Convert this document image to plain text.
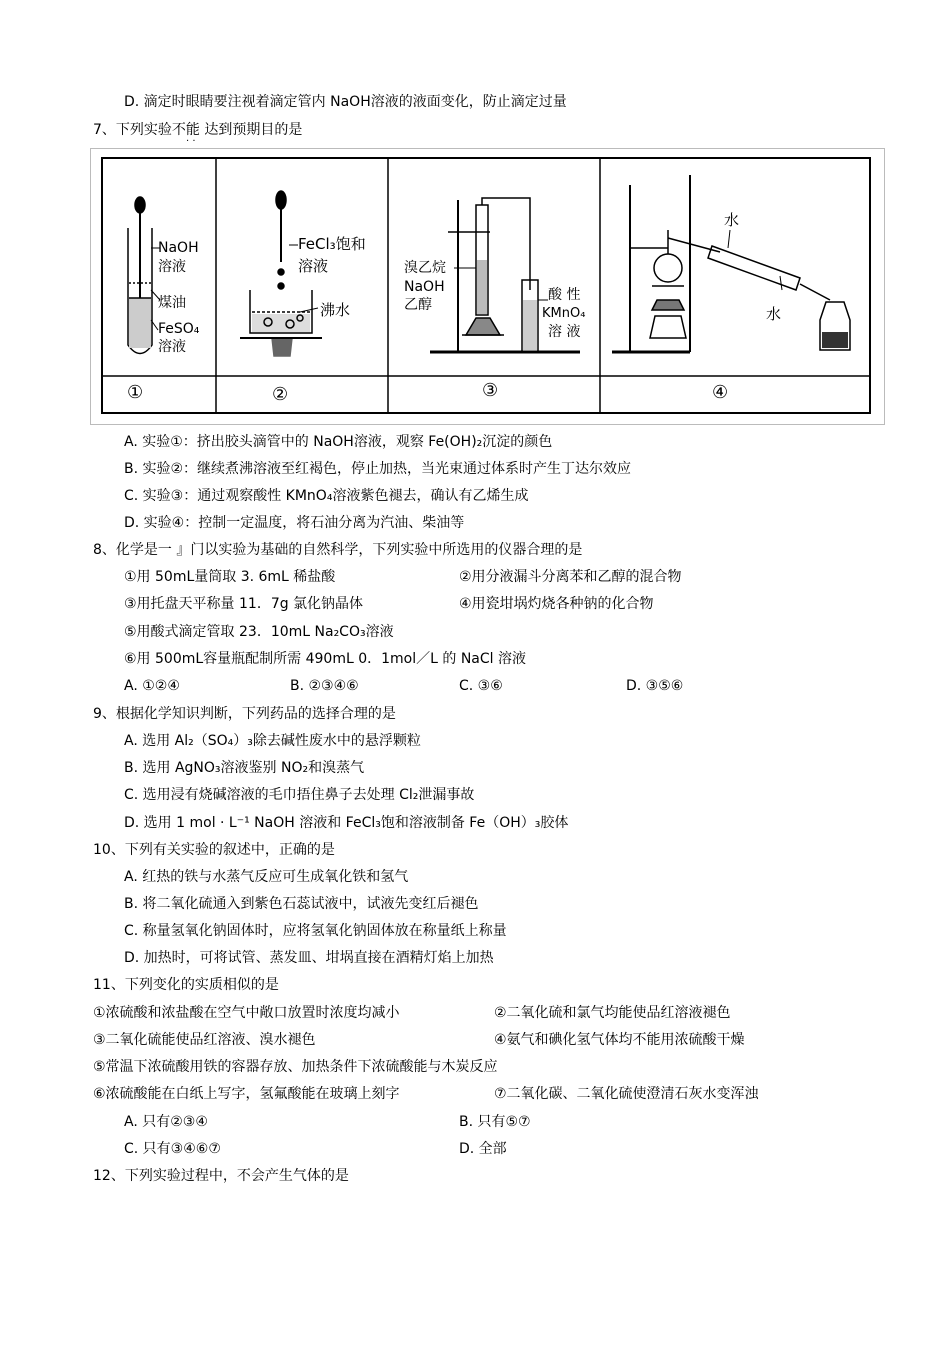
D. 滴定时眼睛要注视着滴定管内 NaOH溶液的液面变化，防止滴定过量
7、下列实验不能 达到预期目的是
· ·
NaOH
溶液
煤油
FeSO₄
溶液
FeCl₃饱和
溶液
沸水
溴乙烷
NaOH
乙醇
酸 性
KMnO₄
溶 液
水
水
①	②	③	④
A. 实验①：挤出胶头滴管中的 NaOH溶液，观察 Fe(OH)₂沉淀的颜色
B. 实验②：继续煮沸溶液至红褐色，停止加热，当光束通过体系时产生丁达尔效应
C. 实验③：通过观察酸性 KMnO₄溶液紫色褪去，确认有乙烯生成
D. 实验④：控制一定温度，将石油分离为汽油、柴油等
8、化学是一 』门以实验为基础的自然科学，下列实验中所选用的仪器合理的是
①用 50mL量筒取 3. 6mL 稀盐酸	②用分液漏斗分离苯和乙醇的混合物
③用托盘天平称量 11．7g 氯化钠晶体	④用瓷坩埚灼烧各种钠的化合物
⑤用酸式滴定管取 23．10mL Na₂CO₃溶液
⑥用 500mL容量瓶配制所需 490mL 0．1mol／L 的 NaCl 溶液
A. ①②④	B. ②③④⑥	C. ③⑥	D. ③⑤⑥
9、根据化学知识判断，下列药品的选择合理的是
A. 选用 Al₂（SO₄）₃除去碱性废水中的悬浮颗粒
B. 选用 AgNO₃溶液鉴别 NO₂和溴蒸气
C. 选用浸有烧碱溶液的毛巾捂住鼻子去处理 Cl₂泄漏事故
D. 选用 1 mol · L⁻¹ NaOH 溶液和 FeCl₃饱和溶液制备 Fe（OH）₃胶体
10、下列有关实验的叙述中，正确的是
A. 红热的铁与水蒸气反应可生成氧化铁和氢气
B. 将二氧化硫通入到紫色石蕊试液中，试液先变红后褪色
C. 称量氢氧化钠固体时，应将氢氧化钠固体放在称量纸上称量
D. 加热时，可将试管、蒸发皿、坩埚直接在酒精灯焰上加热
11、下列变化的实质相似的是
①浓硫酸和浓盐酸在空气中敞口放置时浓度均减小	②二氧化硫和氯气均能使品红溶液褪色
③二氧化硫能使品红溶液、溴水褪色	④氨气和碘化氢气体均不能用浓硫酸干燥
⑤常温下浓硫酸用铁的容器存放、加热条件下浓硫酸能与木炭反应
⑥浓硫酸能在白纸上写字，氢氟酸能在玻璃上刻字	⑦二氧化碳、二氧化硫使澄清石灰水变浑浊
A. 只有②③④	B. 只有⑤⑦
C. 只有③④⑥⑦	D. 全部
12、下列实验过程中，不会产生气体的是
